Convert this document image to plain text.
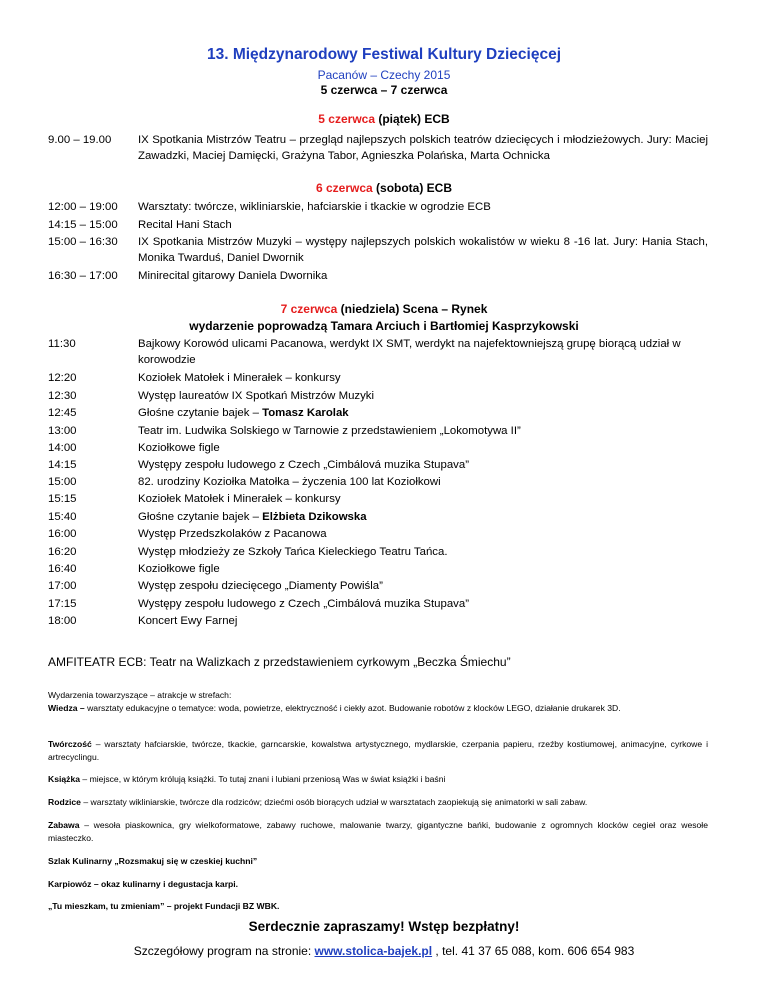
13. Międzynarodowy Festiwal Kultury Dziecięcej
Pacanów – Czechy 2015
5 czerwca – 7 czerwca
5 czerwca (piątek) ECB
9.00 – 19.00 IX Spotkania Mistrzów Teatru – przegląd najlepszych polskich teatrów dziecięcych i młodzieżowych. Jury: Maciej Zawadzki, Maciej Damięcki, Grażyna Tabor, Agnieszka Polańska, Marta Ochnicka
6 czerwca (sobota) ECB
12:00 – 19:00 Warsztaty: twórcze, wikliniarskie, hafciarskie i tkackie w ogrodzie ECB
14:15 – 15:00 Recital Hani Stach
15:00 – 16:30 IX Spotkania Mistrzów Muzyki – występy najlepszych polskich wokalistów w wieku 8 -16 lat. Jury: Hania Stach, Monika Twarduś, Daniel Dwornik
16:30 – 17:00 Minirecital gitarowy Daniela Dwornika
7 czerwca (niedziela) Scena – Rynek
wydarzenie poprowadzą Tamara Arciuch i Bartłomiej Kasprzykowski
11:30	Bajkowy Korowód ulicami Pacanowa, werdykt IX SMT, werdykt na najefektowniejszą grupę biorącą udział w korowodzie
12:20	Koziołek Matołek i Minerałek – konkursy
12:30	Występ laureatów IX Spotkań Mistrzów Muzyki
12:45	Głośne czytanie bajek – Tomasz Karolak
13:00	Teatr im. Ludwika Solskiego w Tarnowie z przedstawieniem „Lokomotywa II”
14:00	Koziołkowe figle
14:15	Występy zespołu ludowego z Czech „Cimbálová muzika Stupava”
15:00	82. urodziny Koziołka Matołka – życzenia 100 lat Koziołkowi
15:15	Koziołek Matołek i Minerałek – konkursy
15:40	Głośne czytanie bajek – Elżbieta Dzikowska
16:00	Występ Przedszkolaków z Pacanowa
16:20	Występ młodzieży ze Szkoły Tańca Kieleckiego Teatru Tańca.
16:40	Koziołkowe figle
17:00	Występ zespołu dziecięcego „Diamenty Powiśla”
17:15	Występy zespołu ludowego z Czech „Cimbálová muzika Stupava”
18:00	Koncert Ewy Farnej
AMFITEATR ECB: Teatr na Walizkach z przedstawieniem cyrkowym „Beczka Śmiechu”
Wydarzenia towarzyszące – atrakcje w strefach:
Wiedza – warsztaty edukacyjne o tematyce: woda, powietrze, elektryczność i ciekły azot. Budowanie robotów z klocków LEGO, działanie drukarek 3D.
Twórczość – warsztaty hafciarskie, twórcze, tkackie, garncarskie, kowalstwa artystycznego, mydlarskie, czerpania papieru, rzeźby kostiumowej, animacyjne, cyrkowe i artrecyclingu.
Książka – miejsce, w którym królują książki. To tutaj znani i lubiani przeniosą Was w świat książki i baśni
Rodzice – warsztaty wikliniarskie, twórcze dla rodziców; dziećmi osób biorących udział w warsztatach zaopiekują się animatorki w sali zabaw.
Zabawa – wesoła piaskownica, gry wielkoformatowe, zabawy ruchowe, malowanie twarzy, gigantyczne bańki, budowanie z ogromnych klocków cegieł oraz wesołe miasteczko.
Szlak Kulinarny „Rozsmakuj się w czeskiej kuchni”
Karpiowóz – okaz kulinarny i degustacja karpi.
„Tu mieszkam, tu zmieniam” – projekt Fundacji BZ WBK.
Serdecznie zapraszamy! Wstęp bezpłatny!
Szczegółowy program na stronie: www.stolica-bajek.pl , tel. 41 37 65 088, kom. 606 654 983
